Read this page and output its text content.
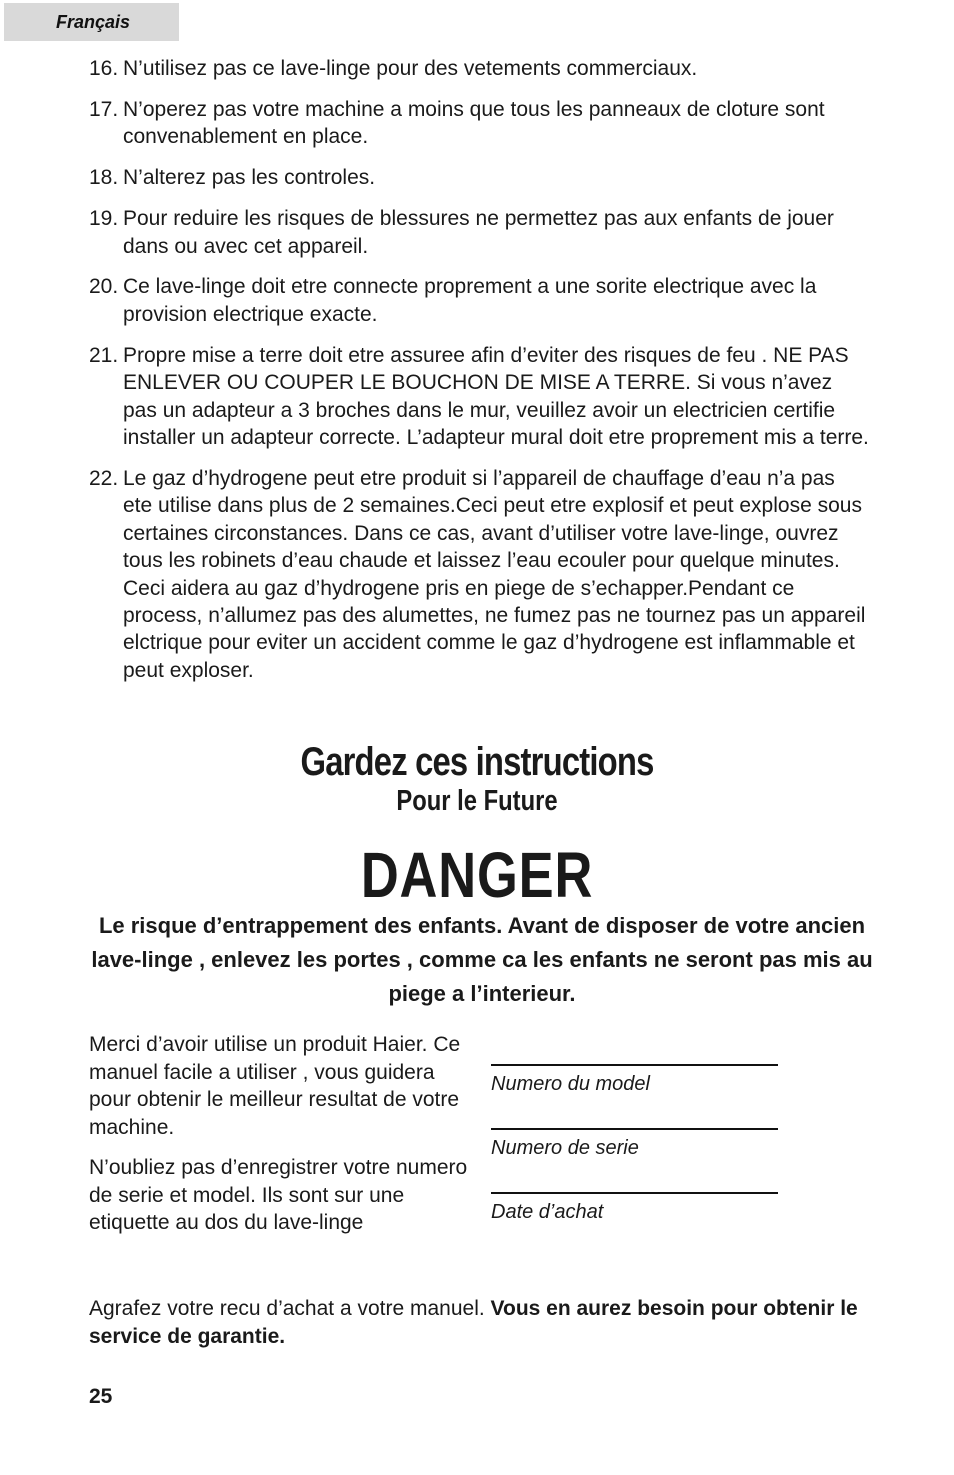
Français
16. N’utilisez pas ce lave-linge pour des vetements commerciaux.
17. N’operez pas votre machine a moins que tous les panneaux de cloture sont convenablement en place.
18. N’alterez pas les controles.
19. Pour reduire les risques de blessures ne permettez pas aux enfants de jouer dans ou avec cet appareil.
20. Ce lave-linge doit etre connecte proprement a une sorite electrique avec la provision electrique exacte.
21. Propre mise a terre doit etre assuree afin d’eviter des risques de feu . NE PAS ENLEVER OU COUPER LE BOUCHON DE MISE A TERRE. Si vous n’avez pas un adapteur a 3 broches dans le mur, veuillez avoir un electricien certifie installer un adapteur correcte. L’adapteur mural doit etre proprement mis a terre.
22. Le gaz d’hydrogene peut etre produit si l’appareil de chauffage d’eau n’a pas ete utilise dans plus de 2 semaines.Ceci peut etre explosif et peut explose sous certaines circonstances. Dans ce cas, avant d’utiliser votre lave-linge, ouvrez tous les robinets d’eau chaude et laissez l’eau ecouler pour quelque minutes. Ceci aidera au gaz d’hydrogene pris en piege de s’echapper.Pendant ce process, n’allumez pas des alumettes, ne fumez pas ne tournez pas un appareil elctrique pour eviter un accident comme le gaz d’hydrogene est inflammable et peut exploser.
Gardez ces instructions
Pour le Future
DANGER

Le risque d’entrappement des enfants. Avant de disposer de votre ancien lave-linge , enlevez les portes , comme ca les enfants ne seront pas mis au piege a l’interieur.

Merci d’avoir utilise un produit Haier. Ce manuel facile a utiliser , vous guidera pour obtenir le meilleur resultat de votre machine.

N’oubliez pas d’enregistrer votre numero de serie et model. Ils sont sur une etiquette au dos du lave-linge

Numero du model
Numero de serie
Date d’achat

Agrafez votre recu d’achat a votre manuel. Vous en aurez besoin pour obtenir le service de garantie.

25
